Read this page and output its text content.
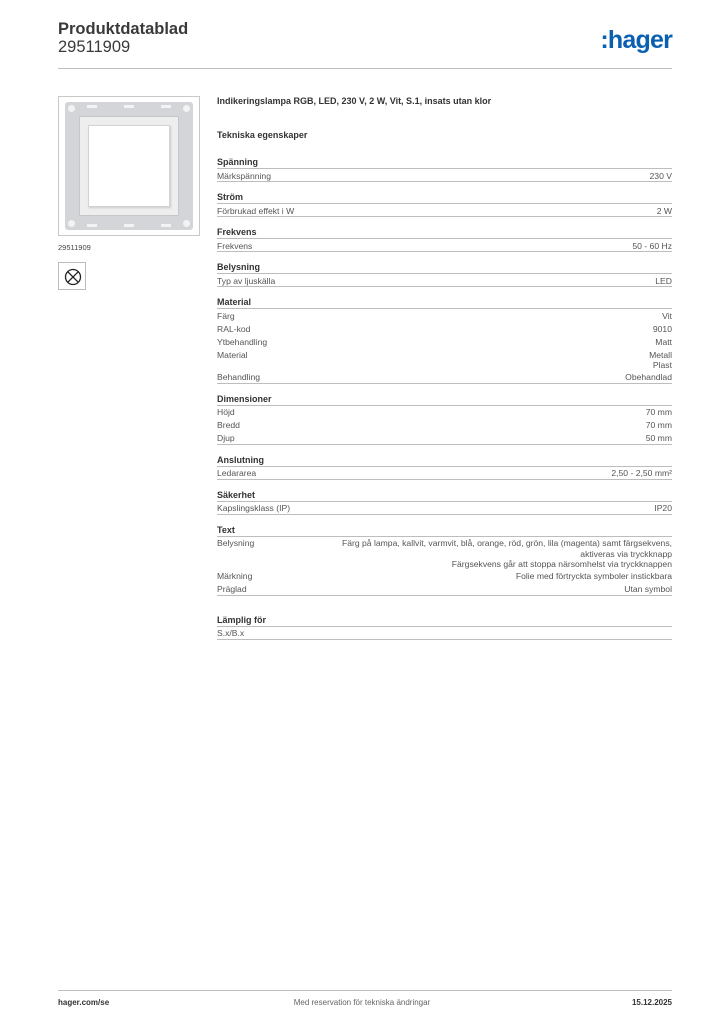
Produktdatablad
29511909	:hager
29511909
Indikeringslampa RGB, LED, 230 V, 2 W, Vit, S.1, insats utan klor
Tekniska egenskaper
Spänning
Märkspänning	230 V
Ström
Förbrukad effekt i W	2 W
Frekvens
Frekvens	50 - 60 Hz
Belysning
Typ av ljuskälla	LED
Material
Färg	Vit
RAL-kod	9010
Ytbehandling	Matt
Material	Metall
Plast
Behandling	Obehandlad
Dimensioner
Höjd	70 mm
Bredd	70 mm
Djup	50 mm
Anslutning
Ledararea	2,50 - 2,50 mm²
Säkerhet
Kapslingsklass (IP)	IP20
Text
Belysning	Färg på lampa, kallvit, varmvit, blå, orange, röd, grön, lila (magenta) samt färgsekvens,
aktiveras via tryckknapp
Färgsekvens går att stoppa närsomhelst via tryckknappen
Märkning	Folie med förtryckta symboler instickbara
Präglad	Utan symbol
Lämplig för
S.x/B.x
hager.com/se	Med reservation för tekniska ändringar	15.12.2025
